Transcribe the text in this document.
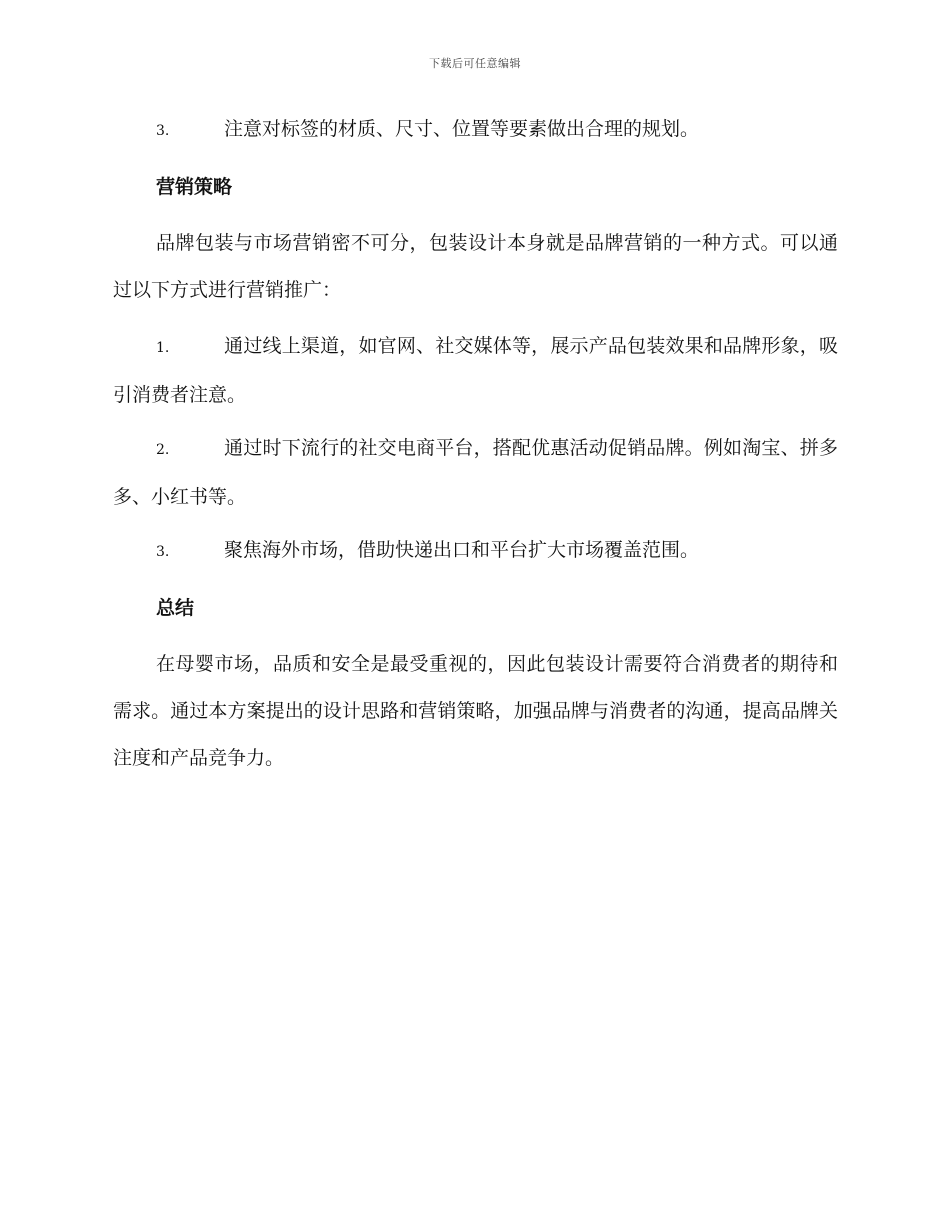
下载后可任意编辑

3.	注意对标签的材质、尺寸、位置等要素做出合理的规划。

营销策略

品牌包装与市场营销密不可分，包装设计本身就是品牌营销的一种方式。可以通过以下方式进行营销推广：

1.	通过线上渠道，如官网、社交媒体等，展示产品包装效果和品牌形象，吸引消费者注意。

2.	通过时下流行的社交电商平台，搭配优惠活动促销品牌。例如淘宝、拼多多、小红书等。

3.	聚焦海外市场，借助快递出口和平台扩大市场覆盖范围。

总结

在母婴市场，品质和安全是最受重视的，因此包装设计需要符合消费者的期待和需求。通过本方案提出的设计思路和营销策略，加强品牌与消费者的沟通，提高品牌关注度和产品竞争力。
